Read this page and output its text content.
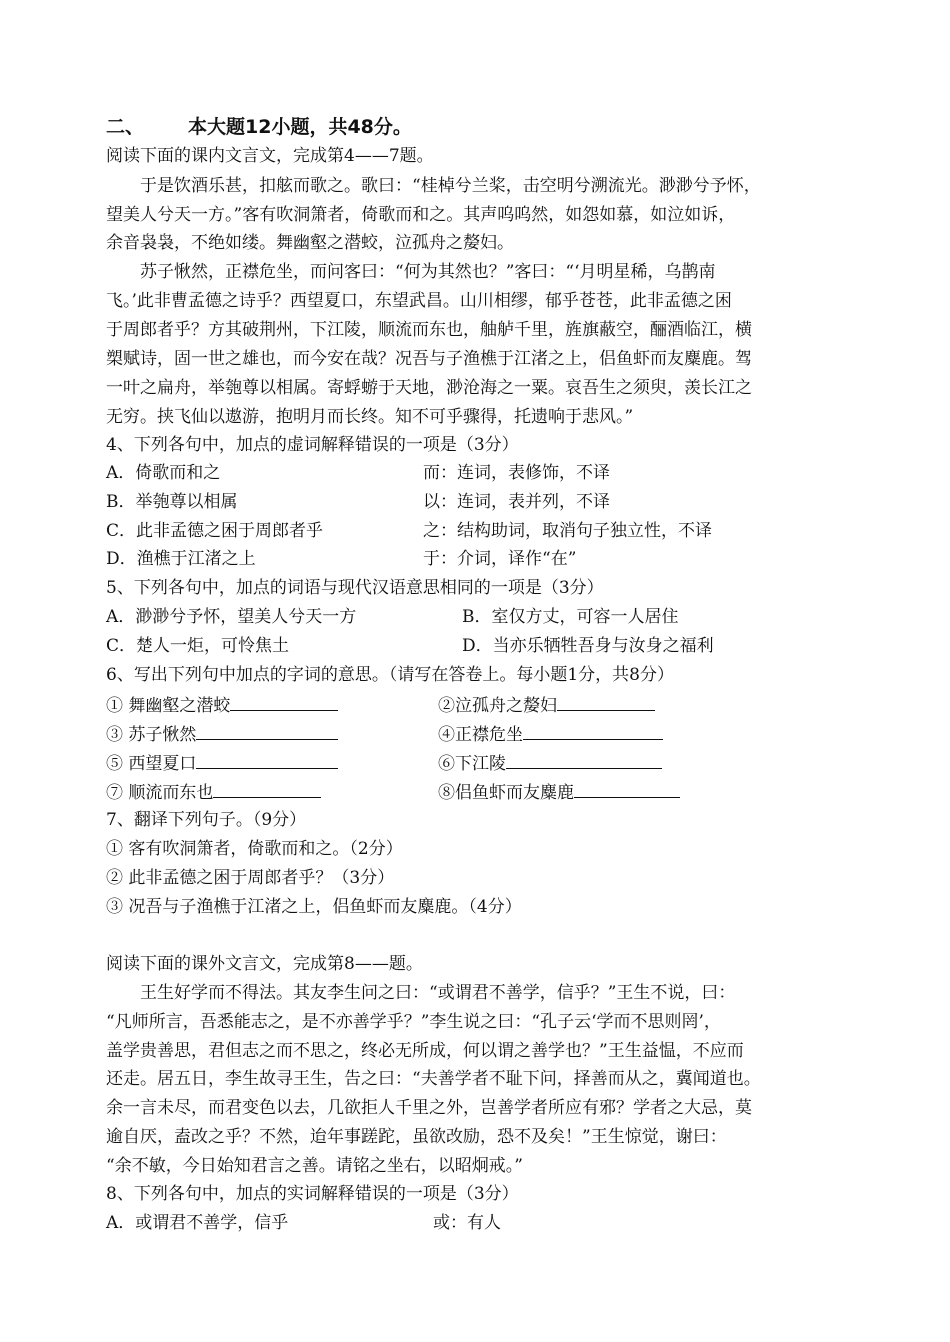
二、 本大题12小题，共48分。
阅读下面的课内文言文，完成第4——7题。
于是饮酒乐甚，扣舷而歌之。歌曰：“桂棹兮兰桨，击空明兮溯流光。渺渺兮予怀，
望美人兮天一方。”客有吹洞箫者，倚歌而和之。其声呜呜然，如怨如慕，如泣如诉，
余音袅袅，不绝如缕。舞幽壑之潜蛟，泣孤舟之嫠妇。
苏子愀然，正襟危坐，而问客曰：“何为其然也？”客曰：“‘月明星稀，乌鹊南
飞。’此非曹孟德之诗乎？西望夏口，东望武昌。山川相缪，郁乎苍苍，此非孟德之困
于周郎者乎？方其破荆州，下江陵，顺流而东也，舳舻千里，旌旗蔽空，酾酒临江，横
槊赋诗，固一世之雄也，而今安在哉？况吾与子渔樵于江渚之上，侣鱼虾而友麋鹿。驾
一叶之扁舟，举匏尊以相属。寄蜉蝣于天地，渺沧海之一粟。哀吾生之须臾，羡长江之
无穷。挟飞仙以遨游，抱明月而长终。知不可乎骤得，托遗响于悲风。”
4、下列各句中，加点的虚词解释错误的一项是（3分）
A．倚歌而和之	而：连词，表修饰，不译
B．举匏尊以相属	以：连词，表并列，不译
C．此非孟德之困于周郎者乎	之：结构助词，取消句子独立性，不译
D．渔樵于江渚之上	于：介词，译作“在”
5、下列各句中，加点的词语与现代汉语意思相同的一项是（3分）
A．渺渺兮予怀，望美人兮天一方	B．室仅方丈，可容一人居住
C．楚人一炬，可怜焦土	D．当亦乐牺牲吾身与汝身之福利
6、写出下列句中加点的字词的意思。（请写在答卷上。每小题1分，共8分）
① 舞幽壑之潜蛟	②泣孤舟之嫠妇
③ 苏子愀然	④正襟危坐
⑤ 西望夏口	⑥下江陵
⑦ 顺流而东也	⑧侣鱼虾而友麋鹿
7、翻译下列句子。（9分）
① 客有吹洞箫者，倚歌而和之。（2分）
② 此非孟德之困于周郎者乎？（3分）
③ 况吾与子渔樵于江渚之上，侣鱼虾而友麋鹿。（4分）
阅读下面的课外文言文，完成第8——题。
王生好学而不得法。其友李生问之曰：“或谓君不善学，信乎？”王生不说，曰：
“凡师所言，吾悉能志之，是不亦善学乎？”李生说之曰：“孔子云‘学而不思则罔’，
盖学贵善思，君但志之而不思之，终必无所成，何以谓之善学也？”王生益愠，不应而
还走。居五日，李生故寻王生，告之曰：“夫善学者不耻下问，择善而从之，冀闻道也。
余一言未尽，而君变色以去，几欲拒人千里之外，岂善学者所应有邪？学者之大忌，莫
逾自厌，盍改之乎？不然，迨年事蹉跎，虽欲改励，恐不及矣！”王生惊觉，谢曰：
“余不敏，今日始知君言之善。请铭之坐右，以昭炯戒。”
8、下列各句中，加点的实词解释错误的一项是（3分）
A．或谓君不善学，信乎	或：有人
